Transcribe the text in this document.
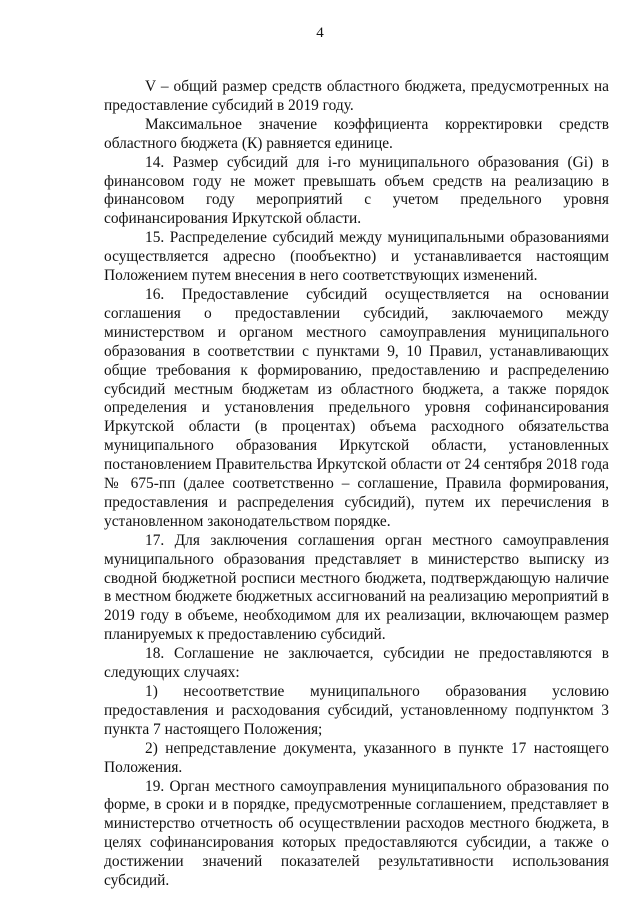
4

V – общий размер средств областного бюджета, предусмотренных на предоставление субсидий в 2019 году.

Максимальное значение коэффициента корректировки средств областного бюджета (К) равняется единице.

14. Размер субсидий для i-го муниципального образования (Gi) в финансовом году не может превышать объем средств на реализацию в финансовом году мероприятий с учетом предельного уровня софинансирования Иркутской области.

15. Распределение субсидий между муниципальными образованиями осуществляется адресно (пообъектно) и устанавливается настоящим Положением путем внесения в него соответствующих изменений.

16. Предоставление субсидий осуществляется на основании соглашения о предоставлении субсидий, заключаемого между министерством и органом местного самоуправления муниципального образования в соответствии с пунктами 9, 10 Правил, устанавливающих общие требования к формированию, предоставлению и распределению субсидий местным бюджетам из областного бюджета, а также порядок определения и установления предельного уровня софинансирования Иркутской области (в процентах) объема расходного обязательства муниципального образования Иркутской области, установленных постановлением Правительства Иркутской области от 24 сентября 2018 года № 675-пп (далее соответственно – соглашение, Правила формирования, предоставления и распределения субсидий), путем их перечисления в установленном законодательством порядке.

17. Для заключения соглашения орган местного самоуправления муниципального образования представляет в министерство выписку из сводной бюджетной росписи местного бюджета, подтверждающую наличие в местном бюджете бюджетных ассигнований на реализацию мероприятий в 2019 году в объеме, необходимом для их реализации, включающем размер планируемых к предоставлению субсидий.

18. Соглашение не заключается, субсидии не предоставляются в следующих случаях:

1) несоответствие муниципального образования условию предоставления и расходования субсидий, установленному подпунктом 3 пункта 7 настоящего Положения;

2) непредставление документа, указанного в пункте 17 настоящего Положения.

19. Орган местного самоуправления муниципального образования по форме, в сроки и в порядке, предусмотренные соглашением, представляет в министерство отчетность об осуществлении расходов местного бюджета, в целях софинансирования которых предоставляются субсидии, а также о достижении значений показателей результативности использования субсидий.
